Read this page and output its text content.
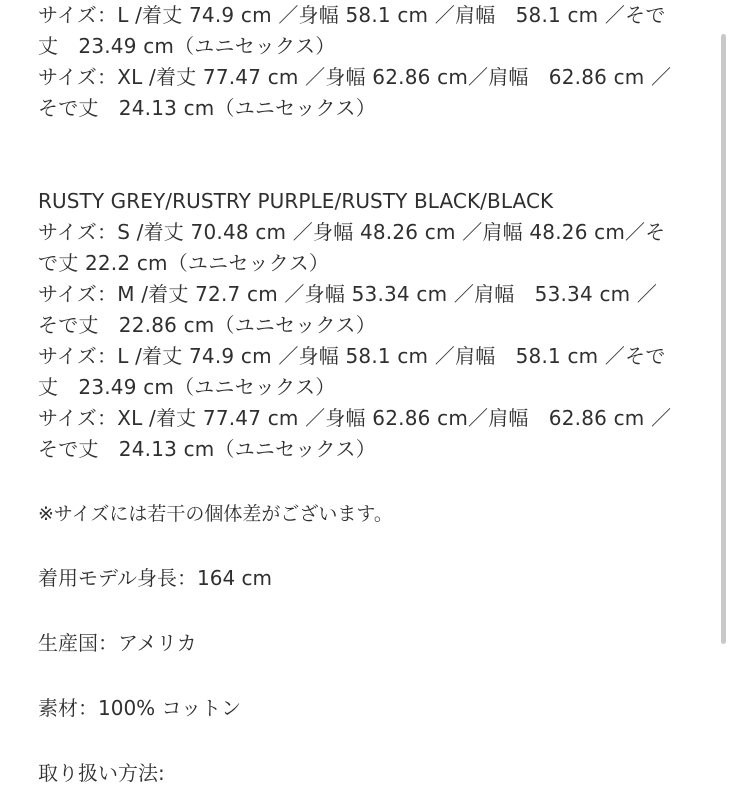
サイズ：L /着丈 74.9 cm ／身幅 58.1 cm ／肩幅　58.1 cm ／そで
丈　23.49 cm（ユニセックス）
サイズ：XL /着丈 77.47 cm ／身幅 62.86 cm／肩幅　62.86 cm ／
そで丈　24.13 cm（ユニセックス）
RUSTY GREY/RUSTRY PURPLE/RUSTY BLACK/BLACK
サイズ：S /着丈 70.48 cm ／身幅 48.26 cm ／肩幅 48.26 cm／そ
で丈 22.2 cm（ユニセックス）
サイズ：M /着丈 72.7 cm ／身幅 53.34 cm ／肩幅　53.34 cm ／
そで丈　22.86 cm（ユニセックス）
サイズ：L /着丈 74.9 cm ／身幅 58.1 cm ／肩幅　58.1 cm ／そで
丈　23.49 cm（ユニセックス）
サイズ：XL /着丈 77.47 cm ／身幅 62.86 cm／肩幅　62.86 cm ／
そで丈　24.13 cm（ユニセックス）
※サイズには若干の個体差がございます。
着用モデル身長：164 cm
生産国：アメリカ
素材：100% コットン
取り扱い方法:
